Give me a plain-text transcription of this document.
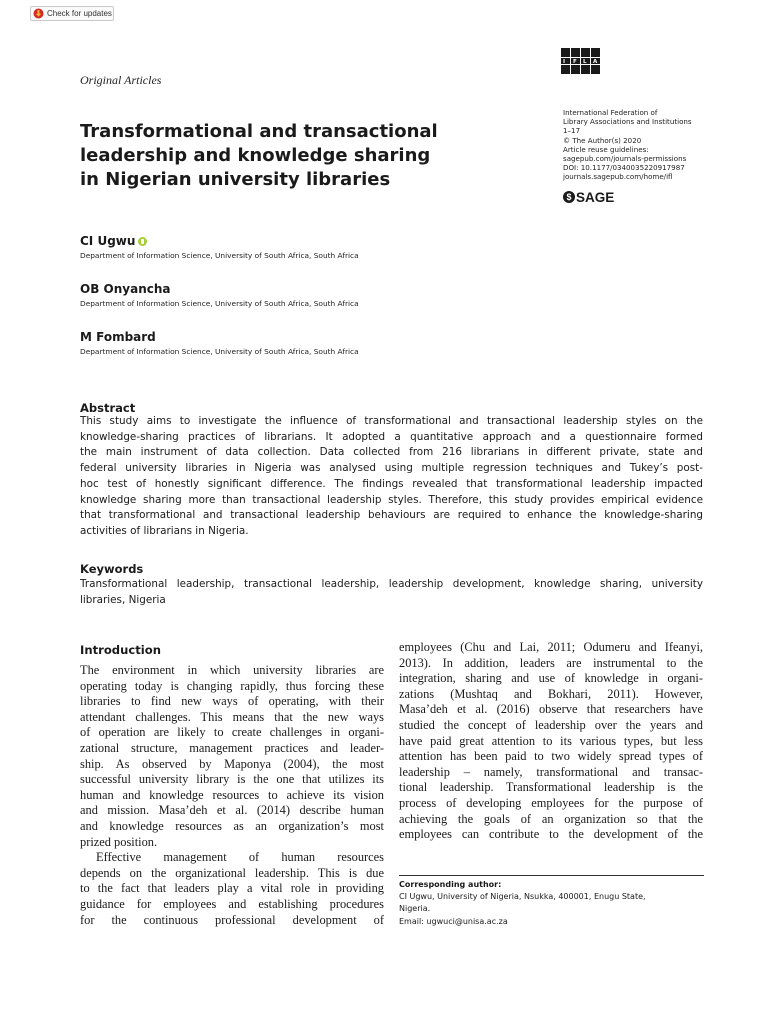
Check for updates
Original Articles
I F L A
International Federation of
Library Associations and Institutions
1–17
© The Author(s) 2020
Article reuse guidelines:
sagepub.com/journals-permissions
DOI: 10.1177/0340035220917987
journals.sagepub.com/home/ifl
$ SAGE
Transformational and transactional
leadership and knowledge sharing
in Nigerian university libraries
CI Ugwu
Department of Information Science, University of South Africa, South Africa
OB Onyancha
Department of Information Science, University of South Africa, South Africa
M Fombard
Department of Information Science, University of South Africa, South Africa
Abstract

This study aims to investigate the influence of transformational and transactional leadership styles on the
knowledge-sharing practices of librarians. It adopted a quantitative approach and a questionnaire formed
the main instrument of data collection. Data collected from 216 librarians in different private, state and
federal university libraries in Nigeria was analysed using multiple regression techniques and Tukey’s post-
hoc test of honestly significant difference. The findings revealed that transformational leadership impacted
knowledge sharing more than transactional leadership styles. Therefore, this study provides empirical evidence
that transformational and transactional leadership behaviours are required to enhance the knowledge-sharing
activities of librarians in Nigeria.

Keywords

Transformational leadership, transactional leadership, leadership development, knowledge sharing, university
libraries, Nigeria

Introduction

The environment in which university libraries are
operating today is changing rapidly, thus forcing these
libraries to find new ways of operating, with their
attendant challenges. This means that the new ways
of operation are likely to create challenges in organi-
zational structure, management practices and leader-
ship. As observed by Maponya (2004), the most
successful university library is the one that utilizes its
human and knowledge resources to achieve its vision
and mission. Masa’deh et al. (2014) describe human
and knowledge resources as an organization’s most
prized position.
Effective management of human resources
depends on the organizational leadership. This is due
to the fact that leaders play a vital role in providing
guidance for employees and establishing procedures
for the continuous professional development of

employees (Chu and Lai, 2011; Odumeru and Ifeanyi,
2013). In addition, leaders are instrumental to the
integration, sharing and use of knowledge in organi-
zations (Mushtaq and Bokhari, 2011). However,
Masa’deh et al. (2016) observe that researchers have
studied the concept of leadership over the years and
have paid great attention to its various types, but less
attention has been paid to two widely spread types of
leadership – namely, transformational and transac-
tional leadership. Transformational leadership is the
process of developing employees for the purpose of
achieving the goals of an organization so that the
employees can contribute to the development of the

Corresponding author:
CI Ugwu, University of Nigeria, Nsukka, 400001, Enugu State,
Nigeria.
Email: ugwuci@unisa.ac.za
